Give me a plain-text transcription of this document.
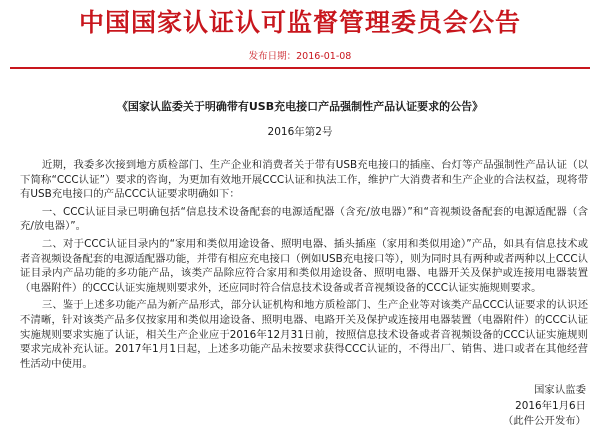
中国国家认证认可监督管理委员会公告
发布日期：2016-01-08
《国家认监委关于明确带有USB充电接口产品强制性产品认证要求的公告》
2016年第2号

近期，我委多次接到地方质检部门、生产企业和消费者关于带有USB充电接口的插座、台灯等产品强制性产品认证（以下简称“CCC认证”）要求的咨询，为更加有效地开展CCC认证和执法工作，维护广大消费者和生产企业的合法权益，现将带有USB充电接口的产品CCC认证要求明确如下：

一、CCC认证目录已明确包括“信息技术设备配套的电源适配器（含充/放电器）”和“音视频设备配套的电源适配器（含充/放电器）”。

二、对于CCC认证目录内的“家用和类似用途设备、照明电器、插头插座（家用和类似用途）”产品，如具有信息技术或者音视频设备配套的电源适配器功能，并带有相应充电接口（例如USB充电接口等），则为同时具有两种或者两种以上CCC认证目录内产品功能的多功能产品，该类产品除应符合家用和类似用途设备、照明电器、电器开关及保护或连接用电器装置（电器附件）的CCC认证实施规则要求外，还应同时符合信息技术设备或者音视频设备的CCC认证实施规则要求。

三、鉴于上述多功能产品为新产品形式，部分认证机构和地方质检部门、生产企业等对该类产品CCC认证要求的认识还不清晰，针对该类产品多仅按家用和类似用途设备、照明电器、电路开关及保护或连接用电器装置（电器附件）的CCC认证实施规则要求实施了认证，相关生产企业应于2016年12月31日前，按照信息技术设备或者音视频设备的CCC认证实施规则要求完成补充认证。2017年1月1日起，上述多功能产品未按要求获得CCC认证的，不得出厂、销售、进口或者在其他经营性活动中使用。

国家认监委
2016年1月6日
（此件公开发布）
